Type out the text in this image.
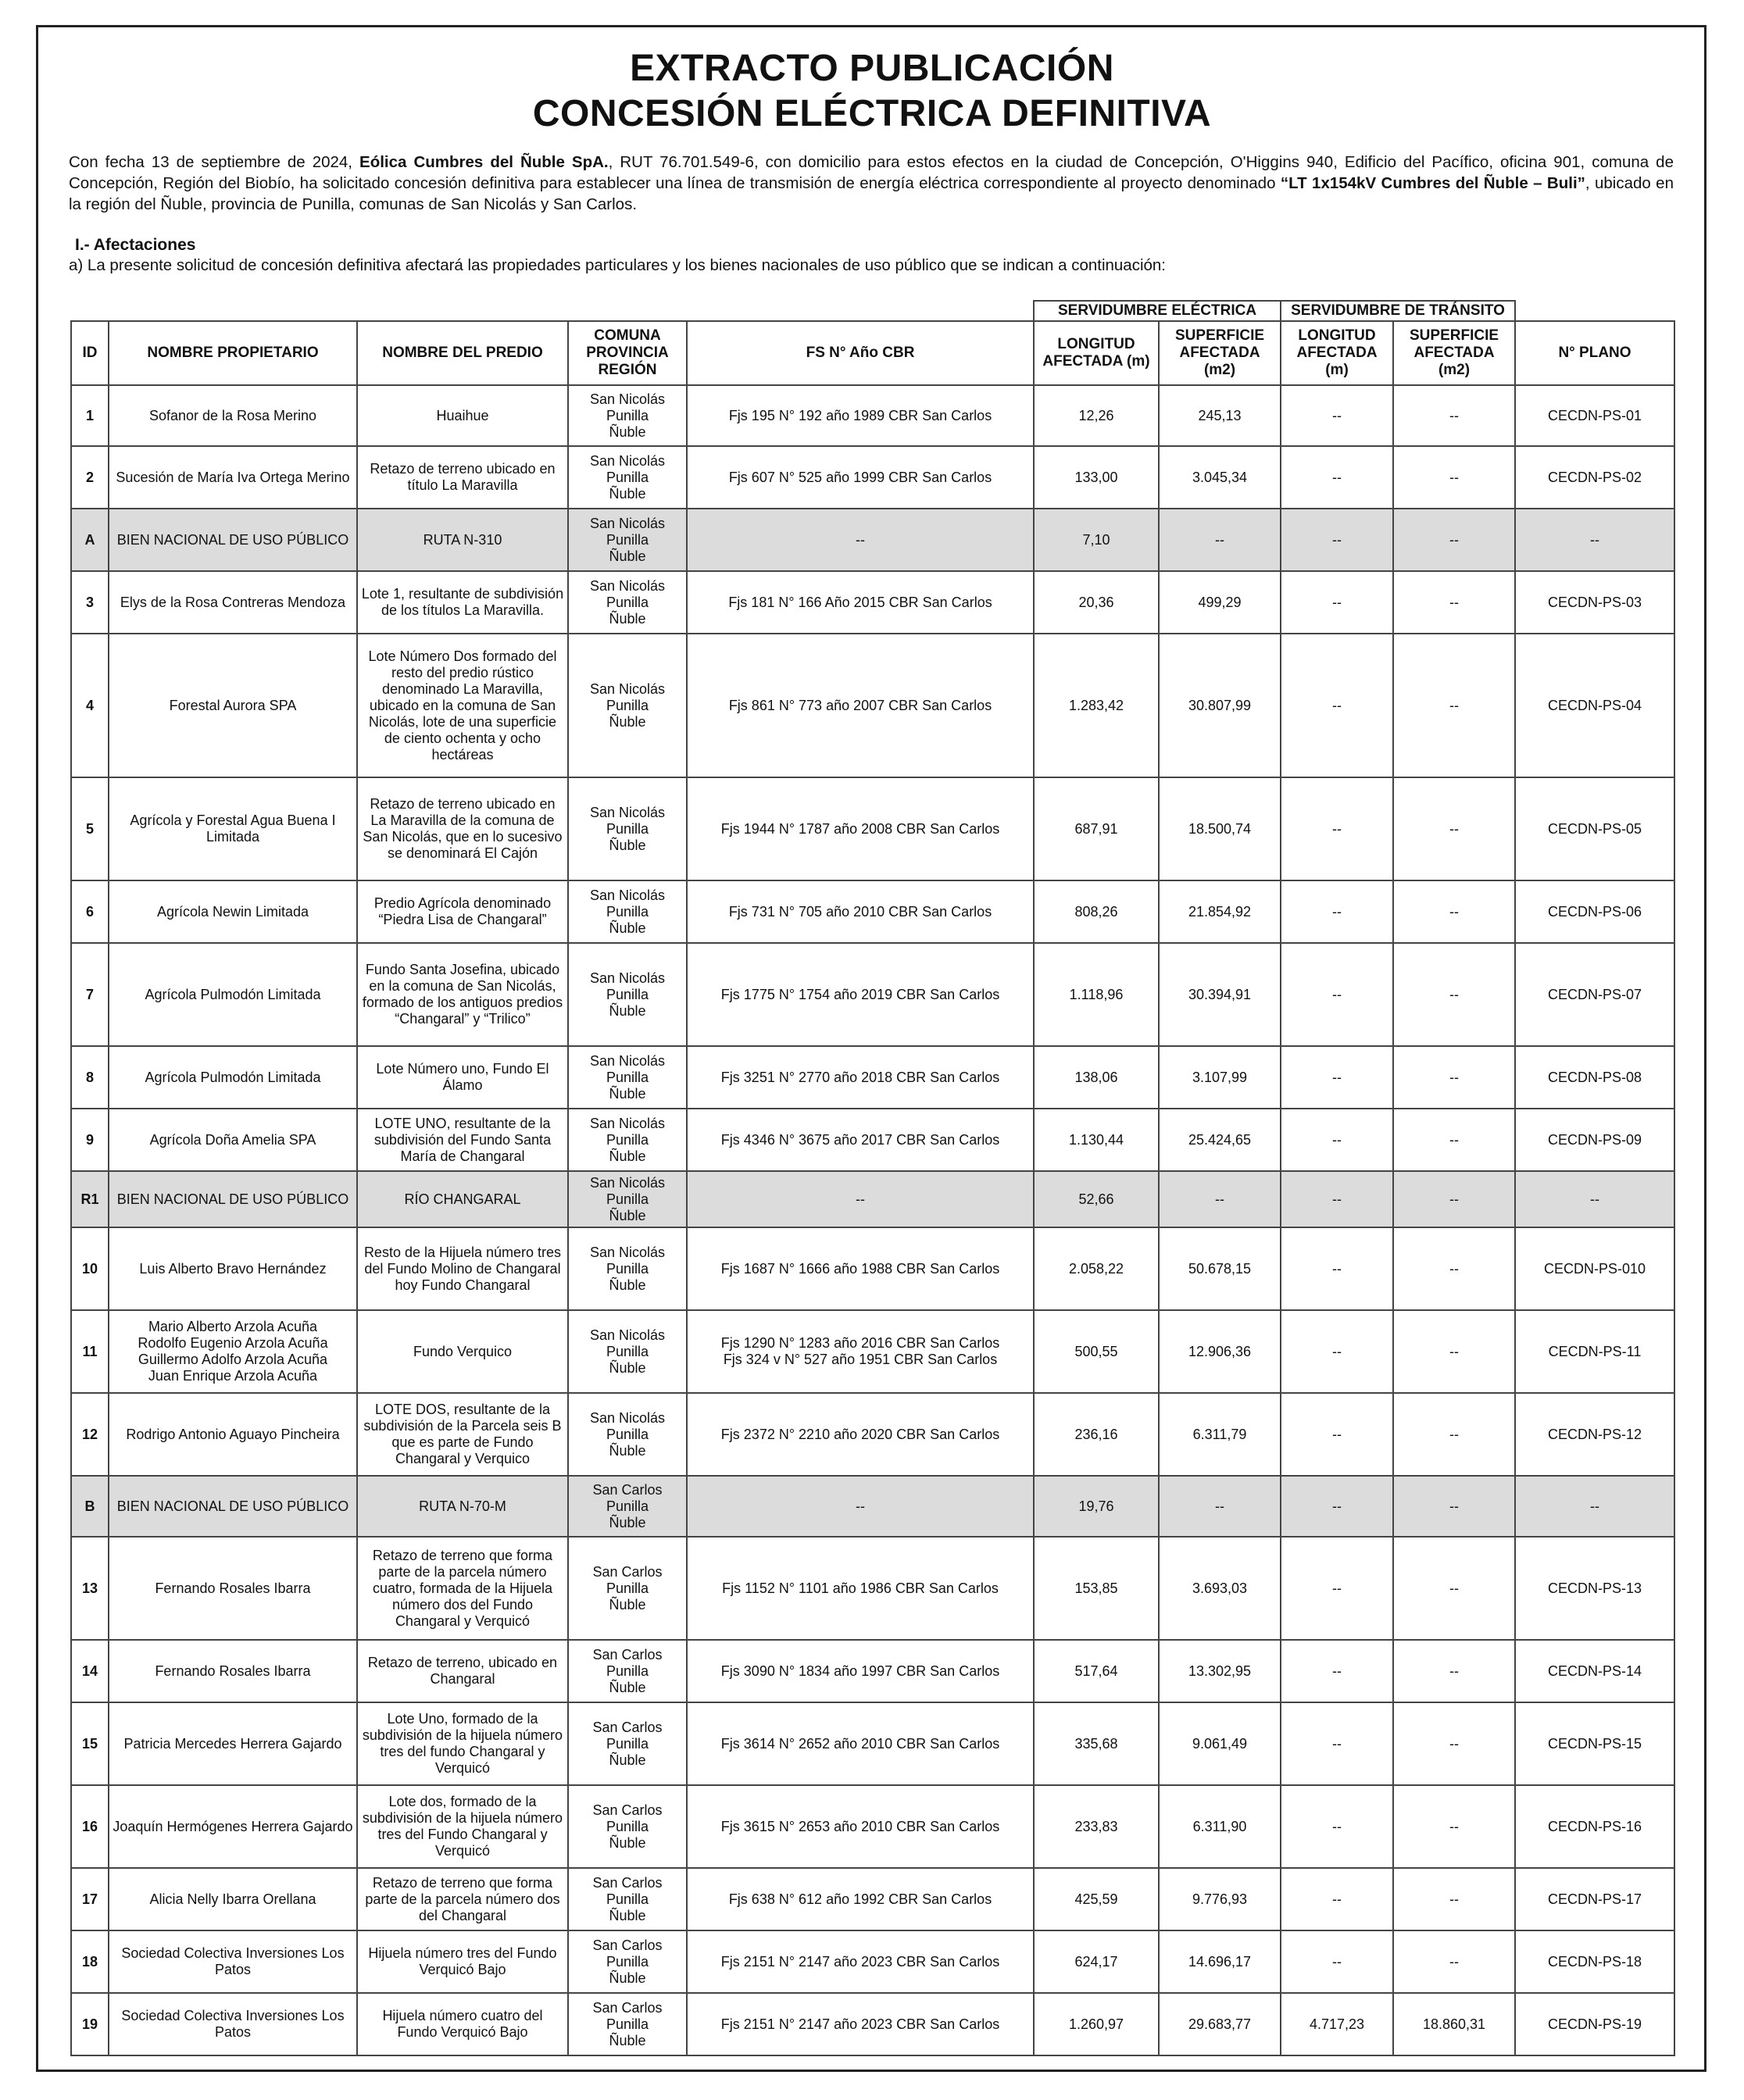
EXTRACTO PUBLICACIÓN
CONCESIÓN ELÉCTRICA DEFINITIVA
Con fecha 13 de septiembre de 2024, Eólica Cumbres del Ñuble SpA., RUT 76.701.549-6, con domicilio para estos efectos en la ciudad de Concepción, O'Higgins 940, Edificio del Pacífico, oficina 901, comuna de Concepción, Región del Biobío, ha solicitado concesión definitiva para establecer una línea de transmisión de energía eléctrica correspondiente al proyecto denominado “LT 1x154kV Cumbres del Ñuble – Buli”, ubicado en la región del Ñuble, provincia de Punilla, comunas de San Nicolás y San Carlos.
I.- Afectaciones
a) La presente solicitud de concesión definitiva afectará las propiedades particulares y los bienes nacionales de uso público que se indican a continuación:
					SERVIDUMBRE ELÉCTRICA		SERVIDUMBRE DE TRÁNSITO		
ID	NOMBRE PROPIETARIO	NOMBRE DEL PREDIO	COMUNA PROVINCIA REGIÓN	FS N° Año CBR	LONGITUD AFECTADA (m)	SUPERFICIE AFECTADA (m2)	LONGITUD AFECTADA (m)	SUPERFICIE AFECTADA (m2)	N° PLANO
1	Sofanor de la Rosa Merino	Huaihue	San Nicolás
Punilla
Ñuble	Fjs 195 N° 192 año 1989 CBR San Carlos	12,26	245,13	--	--	CECDN-PS-01
2	Sucesión de María Iva Ortega Merino	Retazo de terreno ubicado en título La Maravilla	San Nicolás
Punilla
Ñuble	Fjs 607 N° 525 año 1999 CBR San Carlos	133,00	3.045,34	--	--	CECDN-PS-02
A	BIEN NACIONAL DE USO PÚBLICO	RUTA N-310	San Nicolás
Punilla
Ñuble	--	7,10	--	--	--	--
3	Elys de la Rosa Contreras Mendoza	Lote 1, resultante de subdivisión de los títulos La Maravilla.	San Nicolás
Punilla
Ñuble	Fjs 181 N° 166 Año 2015 CBR San Carlos	20,36	499,29	--	--	CECDN-PS-03
4	Forestal Aurora SPA	Lote Número Dos formado del resto del predio rústico denominado La Maravilla, ubicado en la comuna de San Nicolás, lote de una superficie de ciento ochenta y ocho hectáreas	San Nicolás
Punilla
Ñuble	Fjs 861 N° 773 año 2007 CBR San Carlos	1.283,42	30.807,99	--	--	CECDN-PS-04
5	Agrícola y Forestal Agua Buena I Limitada	Retazo de terreno ubicado en La Maravilla de la comuna de San Nicolás, que en lo sucesivo se denominará El Cajón	San Nicolás
Punilla
Ñuble	Fjs 1944 N° 1787 año 2008 CBR San Carlos	687,91	18.500,74	--	--	CECDN-PS-05
6	Agrícola Newin Limitada	Predio Agrícola denominado “Piedra Lisa de Changaral”	San Nicolás
Punilla
Ñuble	Fjs 731 N° 705 año 2010 CBR San Carlos	808,26	21.854,92	--	--	CECDN-PS-06
7	Agrícola Pulmodón Limitada	Fundo Santa Josefina, ubicado en la comuna de San Nicolás, formado de los antiguos predios “Changaral” y “Trilico”	San Nicolás
Punilla
Ñuble	Fjs 1775 N° 1754 año 2019 CBR San Carlos	1.118,96	30.394,91	--	--	CECDN-PS-07
8	Agrícola Pulmodón Limitada	Lote Número uno, Fundo El Álamo	San Nicolás
Punilla
Ñuble	Fjs 3251 N° 2770 año 2018 CBR San Carlos	138,06	3.107,99	--	--	CECDN-PS-08
9	Agrícola Doña Amelia SPA	LOTE UNO, resultante de la subdivisión del Fundo Santa María de Changaral	San Nicolás
Punilla
Ñuble	Fjs 4346 N° 3675 año 2017 CBR San Carlos	1.130,44	25.424,65	--	--	CECDN-PS-09
R1	BIEN NACIONAL DE USO PÚBLICO	RÍO CHANGARAL	San Nicolás
Punilla
Ñuble	--	52,66	--	--	--	--
10	Luis Alberto Bravo Hernández	Resto de la Hijuela número tres del Fundo Molino de Changaral hoy Fundo Changaral	San Nicolás
Punilla
Ñuble	Fjs 1687 N° 1666 año 1988 CBR San Carlos	2.058,22	50.678,15	--	--	CECDN-PS-010
11	Mario Alberto Arzola Acuña
Rodolfo Eugenio Arzola Acuña
Guillermo Adolfo Arzola Acuña
Juan Enrique Arzola Acuña	Fundo Verquico	San Nicolás
Punilla
Ñuble	Fjs 1290 N° 1283 año 2016 CBR San Carlos
Fjs 324 v N° 527 año 1951 CBR San Carlos	500,55	12.906,36	--	--	CECDN-PS-11
12	Rodrigo Antonio Aguayo Pincheira	LOTE DOS, resultante de la subdivisión de la Parcela seis B que es parte de Fundo Changaral y Verquico	San Nicolás
Punilla
Ñuble	Fjs 2372 N° 2210 año 2020 CBR San Carlos	236,16	6.311,79	--	--	CECDN-PS-12
B	BIEN NACIONAL DE USO PÚBLICO	RUTA N-70-M	San Carlos
Punilla
Ñuble	--	19,76	--	--	--	--
13	Fernando Rosales Ibarra	Retazo de terreno que forma parte de la parcela número cuatro, formada de la Hijuela número dos del Fundo Changaral y Verquicó	San Carlos
Punilla
Ñuble	Fjs 1152 N° 1101 año 1986 CBR San Carlos	153,85	3.693,03	--	--	CECDN-PS-13
14	Fernando Rosales Ibarra	Retazo de terreno, ubicado en Changaral	San Carlos
Punilla
Ñuble	Fjs 3090 N° 1834 año 1997 CBR San Carlos	517,64	13.302,95	--	--	CECDN-PS-14
15	Patricia Mercedes Herrera Gajardo	Lote Uno, formado de la subdivisión de la hijuela número tres del fundo Changaral y Verquicó	San Carlos
Punilla
Ñuble	Fjs 3614 N° 2652 año 2010 CBR San Carlos	335,68	9.061,49	--	--	CECDN-PS-15
16	Joaquín Hermógenes Herrera Gajardo	Lote dos, formado de la subdivisión de la hijuela número tres del Fundo Changaral y Verquicó	San Carlos
Punilla
Ñuble	Fjs 3615 N° 2653 año 2010 CBR San Carlos	233,83	6.311,90	--	--	CECDN-PS-16
17	Alicia Nelly Ibarra Orellana	Retazo de terreno que forma parte de la parcela número dos del Changaral	San Carlos
Punilla
Ñuble	Fjs 638 N° 612 año 1992 CBR San Carlos	425,59	9.776,93	--	--	CECDN-PS-17
18	Sociedad Colectiva Inversiones Los Patos	Hijuela número tres del Fundo Verquicó Bajo	San Carlos
Punilla
Ñuble	Fjs 2151 N° 2147 año 2023 CBR San Carlos	624,17	14.696,17	--	--	CECDN-PS-18
19	Sociedad Colectiva Inversiones Los Patos	Hijuela número cuatro del Fundo Verquicó Bajo	San Carlos
Punilla
Ñuble	Fjs 2151 N° 2147 año 2023 CBR San Carlos	1.260,97	29.683,77	4.717,23	18.860,31	CECDN-PS-19
